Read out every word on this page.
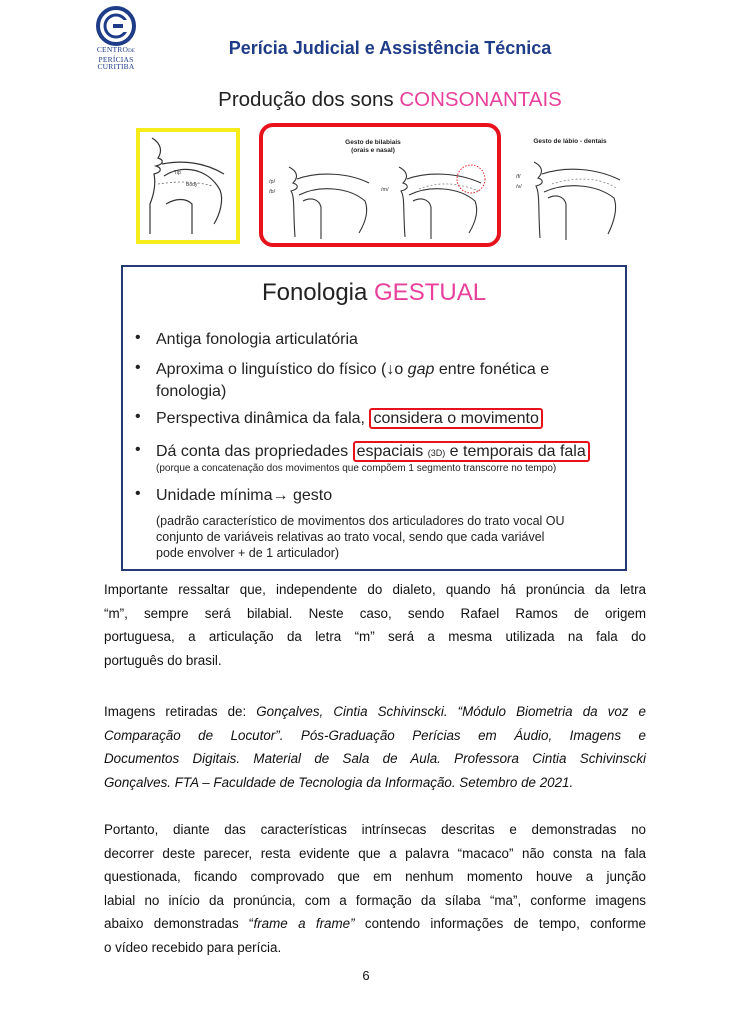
CENTRODE
PERÍCIAS
CURITIBA
Perícia Judicial e Assistência Técnica
Produção dos sons CONSONANTAIS
Tip
Body
Gesto de bilabiais
(orais e nasal)
/p/
/b/	/m/
Gesto de lábio - dentais
/f/
/v/
Fonologia GESTUAL
• Antiga fonologia articulatória
• Aproxima o linguístico do físico (↓o gap entre fonética e
fonologia)
• Perspectiva dinâmica da fala, considera o movimento
• Dá conta das propriedades espaciais (3D) e temporais da fala
(porque a concatenação dos movimentos que compõem 1 segmento transcorre no tempo)
• Unidade mínima→ gesto
(padrão característico de movimentos dos articuladores do trato vocal OU
conjunto de variáveis relativas ao trato vocal, sendo que cada variável
pode envolver + de 1 articulador)
Importante ressaltar que, independente do dialeto, quando há pronúncia da letra
“m”, sempre será bilabial. Neste caso, sendo Rafael Ramos de origem
portuguesa, a articulação da letra “m” será a mesma utilizada na fala do
português do brasil.
Imagens retiradas de: Gonçalves, Cintia Schivinscki. “Módulo Biometria da voz e
Comparação de Locutor”. Pós-Graduação Perícias em Áudio, Imagens e
Documentos Digitais. Material de Sala de Aula. Professora Cintia Schivinscki
Gonçalves. FTA – Faculdade de Tecnologia da Informação. Setembro de 2021.
Portanto, diante das características intrínsecas descritas e demonstradas no
decorrer deste parecer, resta evidente que a palavra “macaco” não consta na fala
questionada, ficando comprovado que em nenhum momento houve a junção
labial no início da pronúncia, com a formação da sílaba “ma”, conforme imagens
abaixo demonstradas “frame a frame” contendo informações de tempo, conforme
o vídeo recebido para perícia.
6
